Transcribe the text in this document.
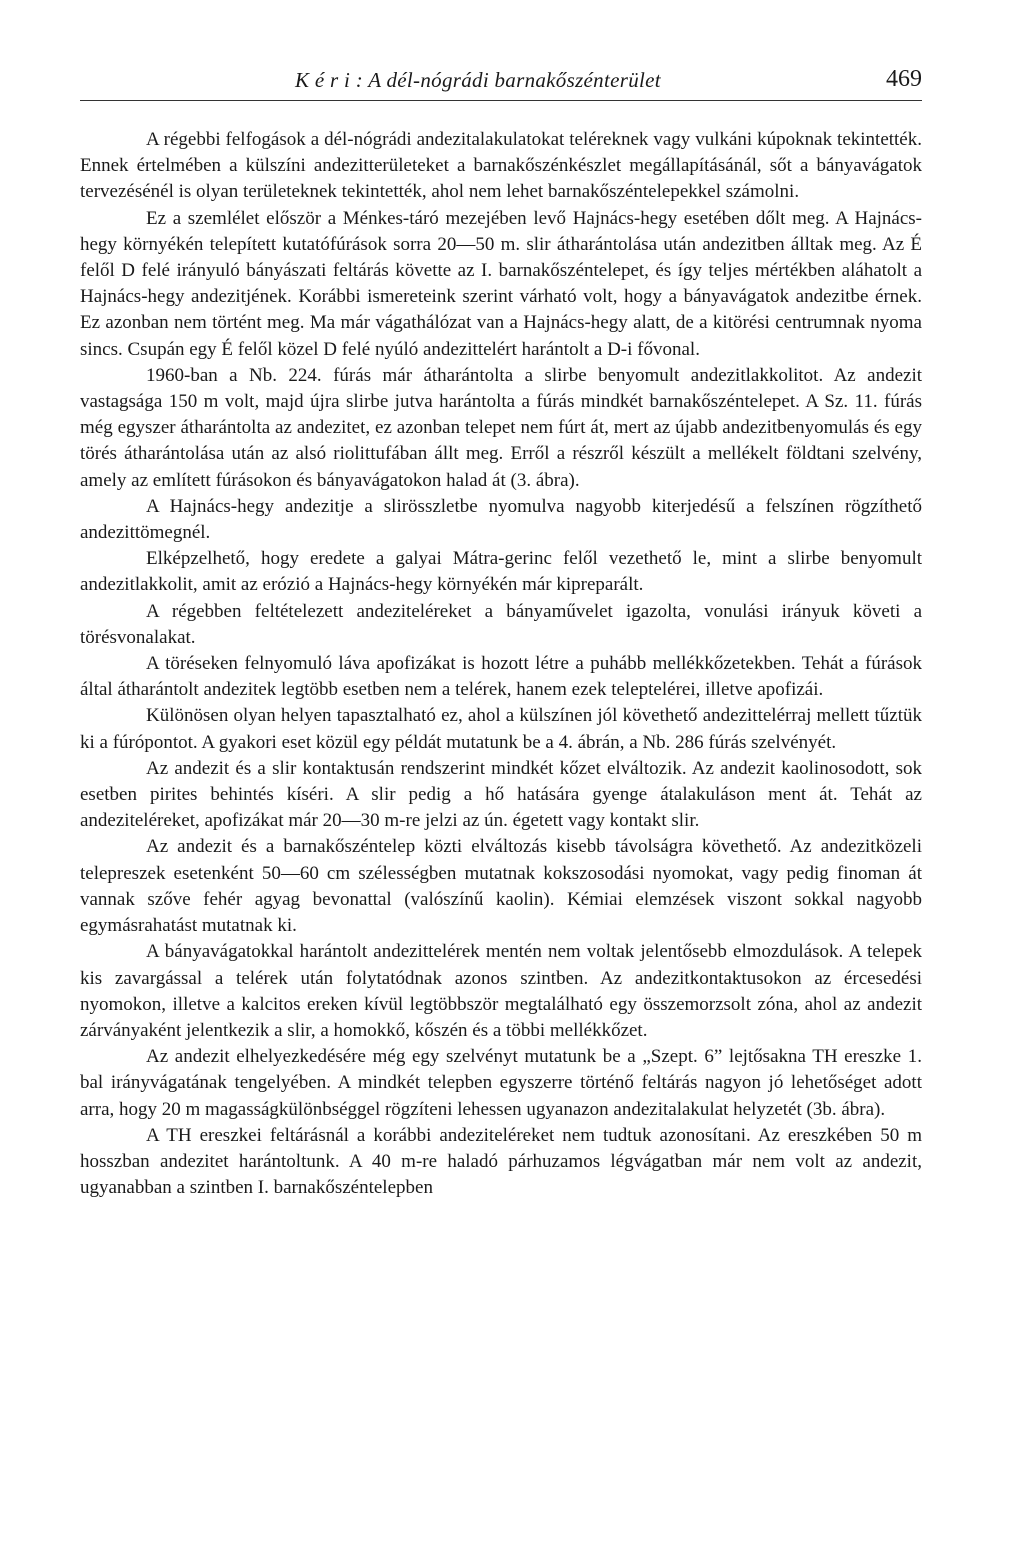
K é r i : A dél-nógrádi barnakőszénterület	469

A régebbi felfogások a dél-nógrádi andezitalakulatokat teléreknek vagy vulkáni kúpoknak tekintették. Ennek értelmében a külszíni andezitterületeket a barnakőszénkészlet megállapításánál, sőt a bányavágatok tervezésénél is olyan területeknek tekintették, ahol nem lehet barnakőszéntelepekkel számolni.

Ez a szemlélet először a Ménkes-táró mezejében levő Hajnács-hegy esetében dőlt meg. A Hajnács-hegy környékén telepített kutatófúrások sorra 20—50 m. slir átharántolása után andezitben álltak meg. Az É felől D felé irányuló bányászati feltárás követte az I. barnakőszéntelepet, és így teljes mértékben aláhatolt a Hajnács-hegy andezitjének. Korábbi ismereteink szerint várható volt, hogy a bányavágatok andezitbe érnek. Ez azonban nem történt meg. Ma már vágathálózat van a Hajnács-hegy alatt, de a kitörési centrumnak nyoma sincs. Csupán egy É felől közel D felé nyúló andezittelért harántolt a D-i fővonal.

1960-ban a Nb. 224. fúrás már átharántolta a slirbe benyomult andezitlakkolitot. Az andezit vastagsága 150 m volt, majd újra slirbe jutva harántolta a fúrás mindkét barnakőszéntelepet. A Sz. 11. fúrás még egyszer átharántolta az andezitet, ez azonban telepet nem fúrt át, mert az újabb andezitbenyomulás és egy törés átharántolása után az alsó riolittufában állt meg. Erről a részről készült a mellékelt földtani szelvény, amely az említett fúrásokon és bányavágatokon halad át (3. ábra).

A Hajnács-hegy andezitje a slirösszletbe nyomulva nagyobb kiterjedésű a felszínen rögzíthető andezittömegnél.

Elképzelhető, hogy eredete a galyai Mátra-gerinc felől vezethető le, mint a slirbe benyomult andezitlakkolit, amit az erózió a Hajnács-hegy környékén már kipreparált.

A régebben feltételezett andeziteléreket a bányaművelet igazolta, vonulási irányuk követi a törésvonalakat.

A töréseken felnyomuló láva apofizákat is hozott létre a puhább mellékkőzetekben. Tehát a fúrások által átharántolt andezitek legtöbb esetben nem a telérek, hanem ezek teleptelérei, illetve apofizái.

Különösen olyan helyen tapasztalható ez, ahol a külszínen jól követhető andezittelérraj mellett tűztük ki a fúrópontot. A gyakori eset közül egy példát mutatunk be a 4. ábrán, a Nb. 286 fúrás szelvényét.

Az andezit és a slir kontaktusán rendszerint mindkét kőzet elváltozik. Az andezit kaolinosodott, sok esetben pirites behintés kíséri. A slir pedig a hő hatására gyenge átalakuláson ment át. Tehát az andeziteléreket, apofizákat már 20—30 m-re jelzi az ún. égetett vagy kontakt slir.

Az andezit és a barnakőszéntelep közti elváltozás kisebb távolságra követhető. Az andezitközeli telepreszek esetenként 50—60 cm szélességben mutatnak kokszosodási nyomokat, vagy pedig finoman át vannak szőve fehér agyag bevonattal (valószínű kaolin). Kémiai elemzések viszont sokkal nagyobb egymásrahatást mutatnak ki.

A bányavágatokkal harántolt andezittelérek mentén nem voltak jelentősebb elmozdulások. A telepek kis zavargással a telérek után folytatódnak azonos szintben. Az andezitkontaktusokon az ércesedési nyomokon, illetve a kalcitos ereken kívül legtöbbször megtalálható egy összemorzsolt zóna, ahol az andezit zárványaként jelentkezik a slir, a homokkő, kőszén és a többi mellékkőzet.

Az andezit elhelyezkedésére még egy szelvényt mutatunk be a „Szept. 6” lejtősakna TH ereszke 1. bal irányvágatának tengelyében. A mindkét telepben egyszerre történő feltárás nagyon jó lehetőséget adott arra, hogy 20 m magasságkülönbséggel rögzíteni lehessen ugyanazon andezitalakulat helyzetét (3b. ábra).

A TH ereszkei feltárásnál a korábbi andeziteléreket nem tudtuk azonosítani. Az ereszkében 50 m hosszban andezitet harántoltunk. A 40 m-re haladó párhuzamos légvágatban már nem volt az andezit, ugyanabban a szintben I. barnakőszéntelepben
